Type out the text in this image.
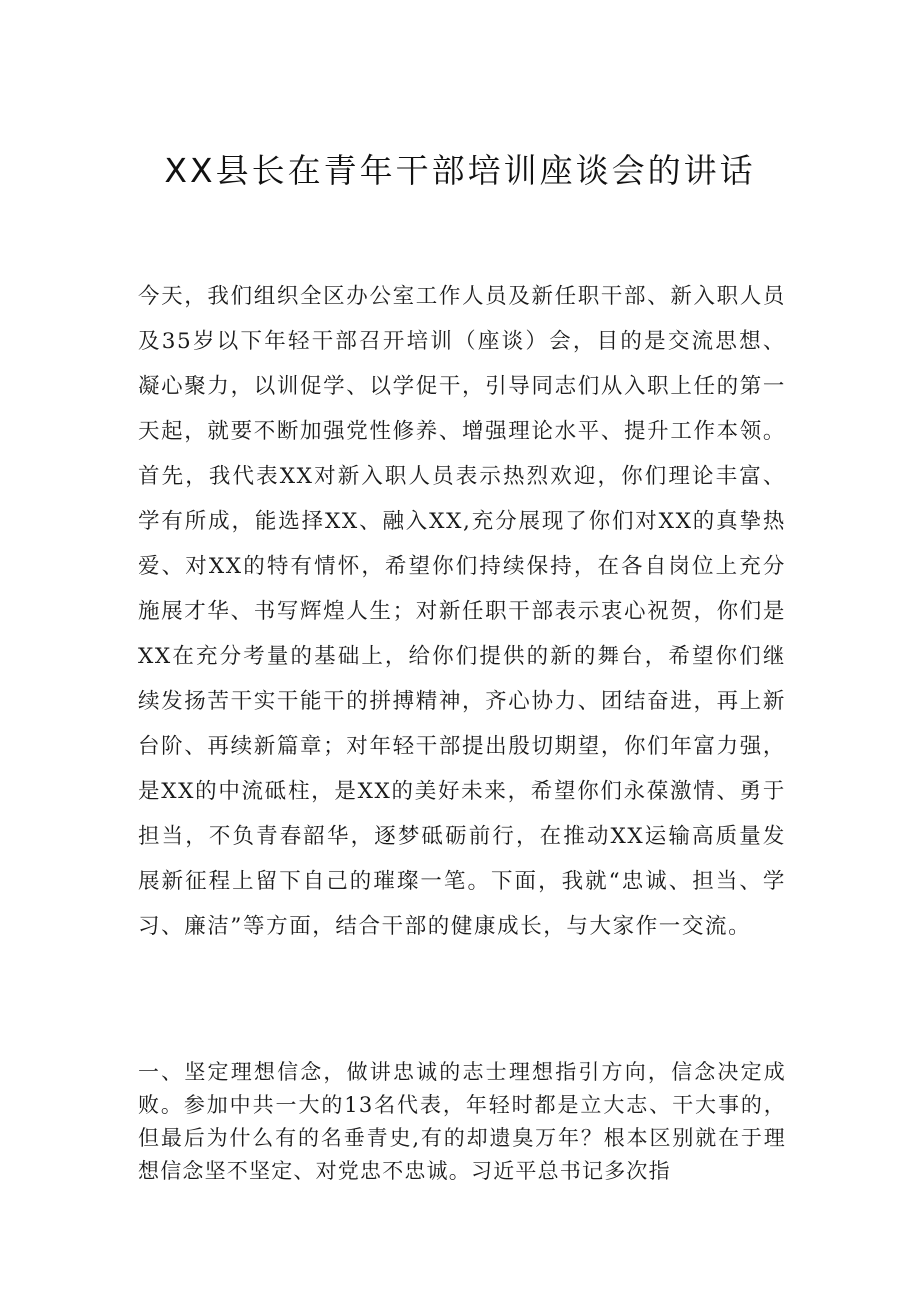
XX县长在青年干部培训座谈会的讲话

今天，我们组织全区办公室工作人员及新任职干部、新入职人员及35岁以下年轻干部召开培训（座谈）会，目的是交流思想、凝心聚力，以训促学、以学促干，引导同志们从入职上任的第一天起，就要不断加强党性修养、增强理论水平、提升工作本领。首先，我代表XX对新入职人员表示热烈欢迎，你们理论丰富、学有所成，能选择XX、融入XX,充分展现了你们对XX的真挚热爱、对XX的特有情怀，希望你们持续保持，在各自岗位上充分施展才华、书写辉煌人生；对新任职干部表示衷心祝贺，你们是XX在充分考量的基础上，给你们提供的新的舞台，希望你们继续发扬苦干实干能干的拼搏精神，齐心协力、团结奋进，再上新台阶、再续新篇章；对年轻干部提出殷切期望，你们年富力强，是XX的中流砥柱，是XX的美好未来，希望你们永葆激情、勇于担当，不负青春韶华，逐梦砥砺前行，在推动XX运输高质量发展新征程上留下自己的璀璨一笔。下面，我就“忠诚、担当、学习、廉洁”等方面，结合干部的健康成长，与大家作一交流。

一、坚定理想信念，做讲忠诚的志士理想指引方向，信念决定成败。参加中共一大的13名代表，年轻时都是立大志、干大事的，但最后为什么有的名垂青史,有的却遗臭万年？根本区别就在于理想信念坚不坚定、对党忠不忠诚。习近平总书记多次指
